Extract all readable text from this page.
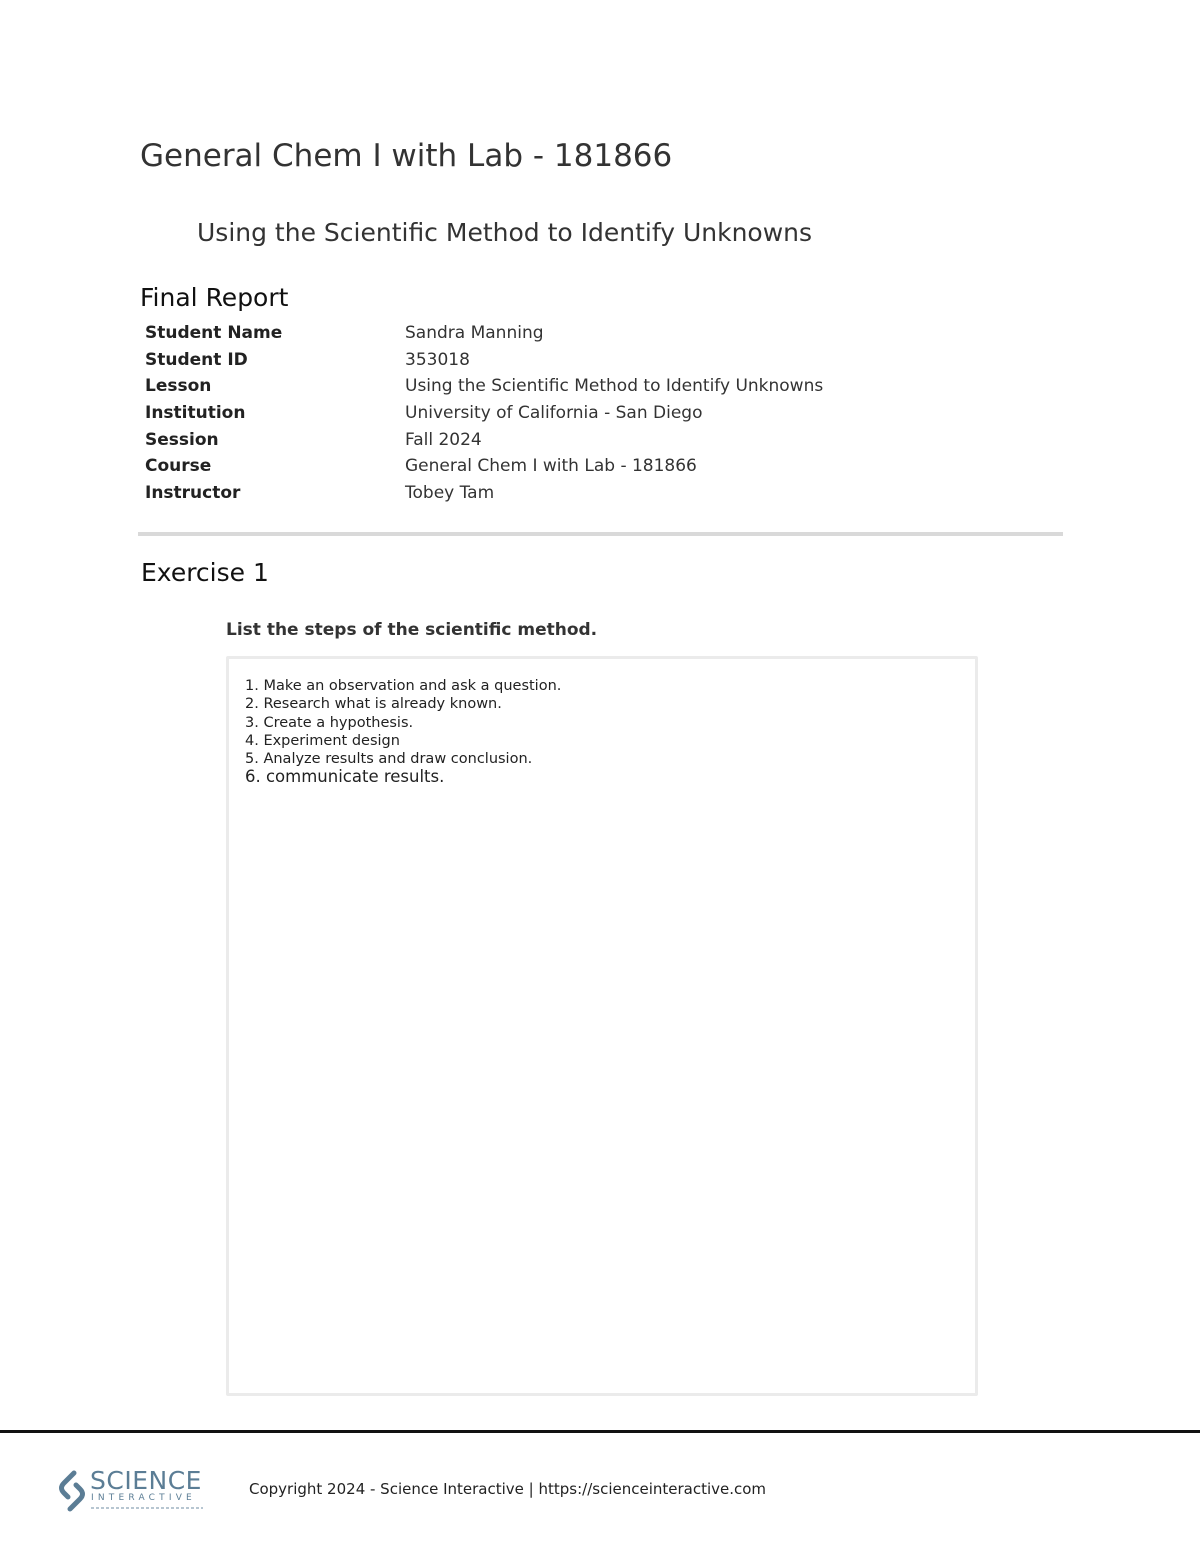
General Chem I with Lab - 181866
Using the Scientific Method to Identify Unknowns
Final Report
Student Name	Sandra Manning
Student ID	353018
Lesson	Using the Scientific Method to Identify Unknowns
Institution	University of California - San Diego
Session	Fall 2024
Course	General Chem I with Lab - 181866
Instructor	Tobey Tam
Exercise 1
List the steps of the scientific method.
1. Make an observation and ask a question.
2. Research what is already known.
3. Create a hypothesis.
4. Experiment design
5. Analyze results and draw conclusion.
6. communicate results.
SCIENCE
INTERACTIVE	Copyright 2024 - Science Interactive | https://scienceinteractive.com
